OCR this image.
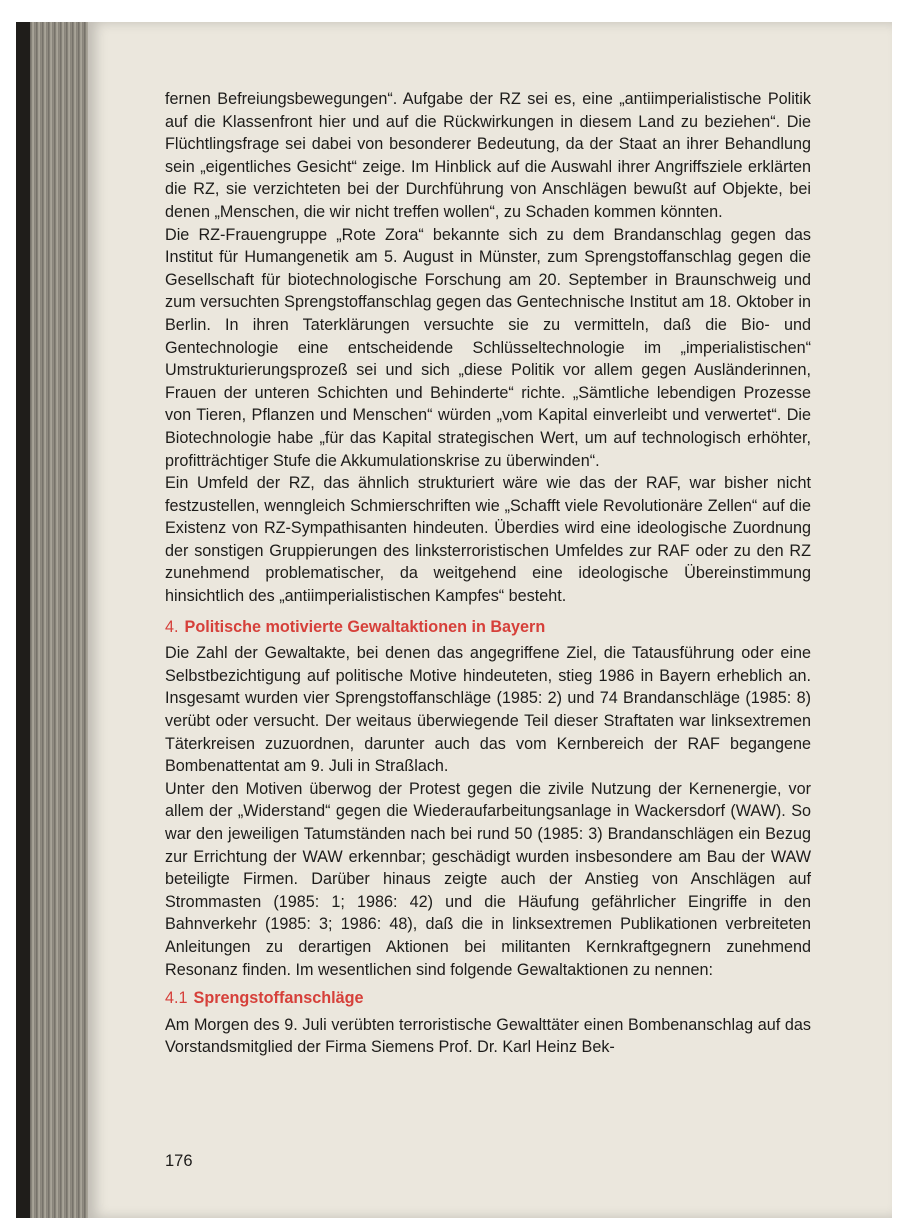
fernen Befreiungsbewegungen“. Aufgabe der RZ sei es, eine „antiimperialistische Politik auf die Klassenfront hier und auf die Rückwirkungen in diesem Land zu beziehen“. Die Flüchtlingsfrage sei dabei von besonderer Bedeutung, da der Staat an ihrer Behandlung sein „eigentliches Gesicht“ zeige. Im Hinblick auf die Auswahl ihrer Angriffsziele erklärten die RZ, sie verzichteten bei der Durchführung von Anschlägen bewußt auf Objekte, bei denen „Menschen, die wir nicht treffen wollen“, zu Schaden kommen könnten.

Die RZ-Frauengruppe „Rote Zora“ bekannte sich zu dem Brandanschlag gegen das Institut für Humangenetik am 5. August in Münster, zum Sprengstoffanschlag gegen die Gesellschaft für biotechnologische Forschung am 20. September in Braunschweig und zum versuchten Sprengstoffanschlag gegen das Gentechnische Institut am 18. Oktober in Berlin. In ihren Taterklärungen versuchte sie zu vermitteln, daß die Bio- und Gentechnologie eine entscheidende Schlüsseltechnologie im „imperialistischen“ Umstrukturierungsprozeß sei und sich „diese Politik vor allem gegen Ausländerinnen, Frauen der unteren Schichten und Behinderte“ richte. „Sämtliche lebendigen Prozesse von Tieren, Pflanzen und Menschen“ würden „vom Kapital einverleibt und verwertet“. Die Biotechnologie habe „für das Kapital strategischen Wert, um auf technologisch erhöhter, profitträchtiger Stufe die Akkumulationskrise zu überwinden“.

Ein Umfeld der RZ, das ähnlich strukturiert wäre wie das der RAF, war bisher nicht festzustellen, wenngleich Schmierschriften wie „Schafft viele Revolutionäre Zellen“ auf die Existenz von RZ-Sympathisanten hindeuten. Überdies wird eine ideologische Zuordnung der sonstigen Gruppierungen des linksterroristischen Umfeldes zur RAF oder zu den RZ zunehmend problematischer, da weitgehend eine ideologische Übereinstimmung hinsichtlich des „antiimperialistischen Kampfes“ besteht.

4. Politische motivierte Gewaltaktionen in Bayern

Die Zahl der Gewaltakte, bei denen das angegriffene Ziel, die Tatausführung oder eine Selbstbezichtigung auf politische Motive hindeuteten, stieg 1986 in Bayern erheblich an. Insgesamt wurden vier Sprengstoffanschläge (1985: 2) und 74 Brandanschläge (1985: 8) verübt oder versucht. Der weitaus überwiegende Teil dieser Straftaten war linksextremen Täterkreisen zuzuordnen, darunter auch das vom Kernbereich der RAF begangene Bombenattentat am 9. Juli in Straßlach.

Unter den Motiven überwog der Protest gegen die zivile Nutzung der Kernenergie, vor allem der „Widerstand“ gegen die Wiederaufarbeitungsanlage in Wackersdorf (WAW). So war den jeweiligen Tatumständen nach bei rund 50 (1985: 3) Brandanschlägen ein Bezug zur Errichtung der WAW erkennbar; geschädigt wurden insbesondere am Bau der WAW beteiligte Firmen. Darüber hinaus zeigte auch der Anstieg von Anschlägen auf Strommasten (1985: 1; 1986: 42) und die Häufung gefährlicher Eingriffe in den Bahnverkehr (1985: 3; 1986: 48), daß die in linksextremen Publikationen verbreiteten Anleitungen zu derartigen Aktionen bei militanten Kernkraftgegnern zunehmend Resonanz finden. Im wesentlichen sind folgende Gewaltaktionen zu nennen:

4.1 Sprengstoffanschläge

Am Morgen des 9. Juli verübten terroristische Gewalttäter einen Bombenanschlag auf das Vorstandsmitglied der Firma Siemens Prof. Dr. Karl Heinz Bek-

176
